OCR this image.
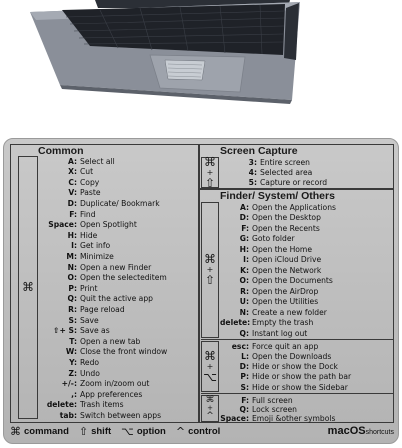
Common
⌘
A: Select all
X: Cut
C: Copy
V: Paste
D: Duplicate/ Bookmark
F: Find
Space: Open Spotlight
H: Hide
I: Get info
M: Minimize
N: Open a new Finder
O: Open the selecteditem
P: Print
Q: Quit the active app
R: Page reload
S: Save
⇧+ S: Save as
T: Open a new tab
W: Close the front window
Y: Redo
Z: Undo
+/-: Zoom in/zoom out
,: App preferences
delete: Trash items
tab: Switch between apps
Screen Capture
⌘
+
⇧
3: Entire screen
4: Selected area
5: Capture or record
Finder/ System/ Others
⌘
+
⇧
⌘
+
⌥
⌘
+
^
A: Open the Applications
D: Open the Desktop
F: Open the Recents
G: Goto folder
H: Open the Home
I: Open iCloud Drive
K: Open the Network
O: Open the Documents
R: Open the AirDrop
U: Open the Utilities
N: Create a new folder
delete: Empty the trash
Q: Instant log out
esc: Force quit an app
L: Open the Downloads
D: Hide or show the Dock
P: Hide or show the path bar
S: Hide or show the Sidebar
F: Full screen
Q: Lock screen
Space: Emoji &other symbols
⌘ command ⇧ shift ⌥ option ^ control	macOSshortcuts
